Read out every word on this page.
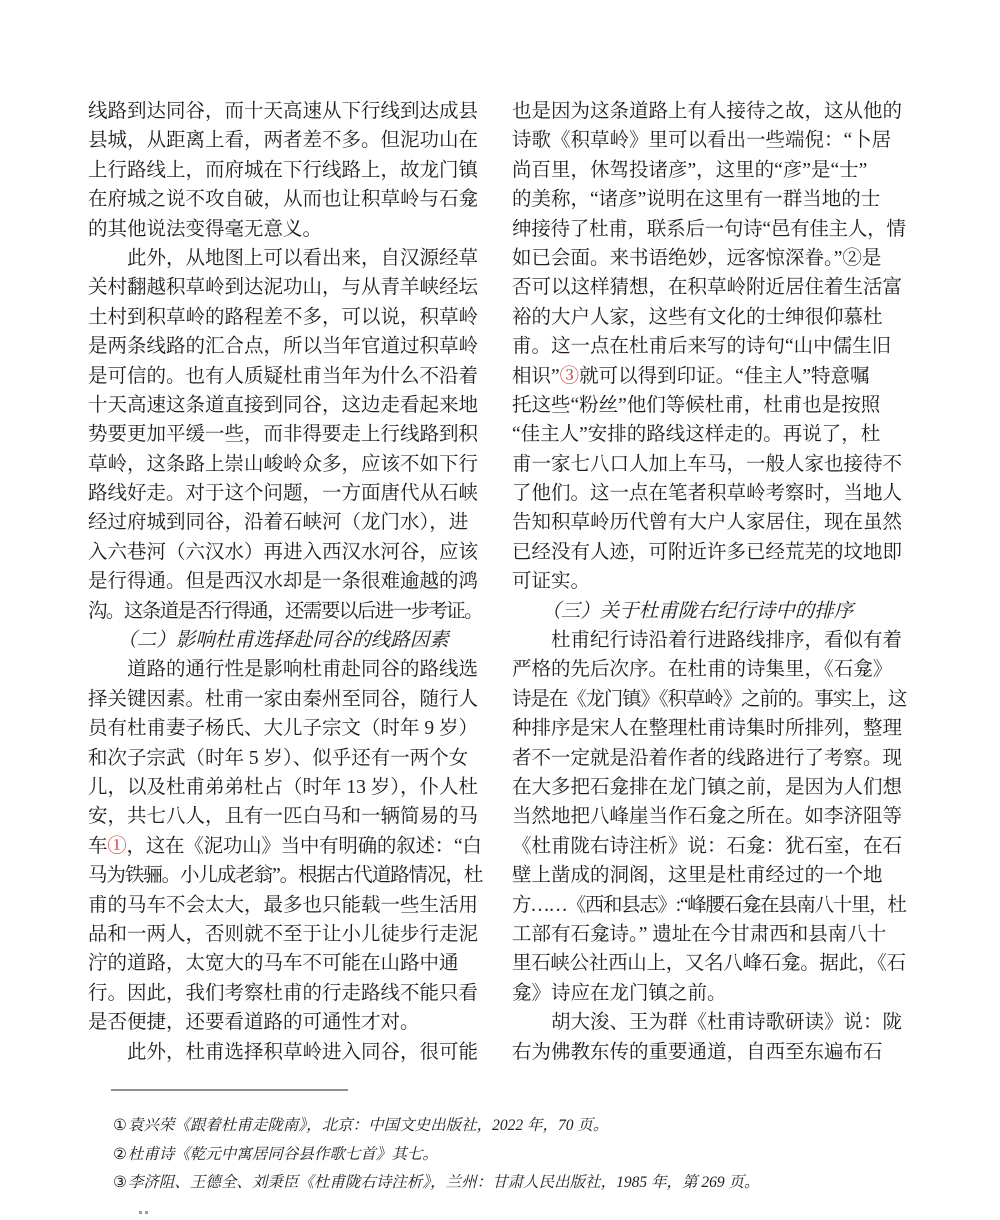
线路到达同谷，而十天高速从下行线到达成县
县城，从距离上看，两者差不多。但泥功山在
上行路线上，而府城在下行线路上，故龙门镇
在府城之说不攻自破，从而也让积草岭与石龛
的其他说法变得毫无意义。
　　此外，从地图上可以看出来，自汉源经草
关村翻越积草岭到达泥功山，与从青羊峡经坛
土村到积草岭的路程差不多，可以说，积草岭
是两条线路的汇合点，所以当年官道过积草岭
是可信的。也有人质疑杜甫当年为什么不沿着
十天高速这条道直接到同谷，这边走看起来地
势要更加平缓一些，而非得要走上行线路到积
草岭，这条路上崇山峻岭众多，应该不如下行
路线好走。对于这个问题，一方面唐代从石峡
经过府城到同谷，沿着石峡河（龙门水），进
入六巷河（六汉水）再进入西汉水河谷，应该
是行得通。但是西汉水却是一条很难逾越的鸿
沟。这条道是否行得通，还需要以后进一步考证。
　　（二）影响杜甫选择赴同谷的线路因素
　　道路的通行性是影响杜甫赴同谷的路线选
择关键因素。杜甫一家由秦州至同谷，随行人
员有杜甫妻子杨氏、大儿子宗文（时年 9 岁）
和次子宗武（时年 5 岁）、似乎还有一两个女
儿，以及杜甫弟弟杜占（时年 13 岁），仆人杜
安，共七八人，且有一匹白马和一辆简易的马
车①，这在《泥功山》当中有明确的叙述：“白
马为铁骊。小儿成老翁”。根据古代道路情况，杜
甫的马车不会太大，最多也只能载一些生活用
品和一两人，否则就不至于让小儿徒步行走泥
泞的道路，太宽大的马车不可能在山路中通
行。因此，我们考察杜甫的行走路线不能只看
是否便捷，还要看道路的可通性才对。
　　此外，杜甫选择积草岭进入同谷，很可能
也是因为这条道路上有人接待之故，这从他的
诗歌《积草岭》里可以看出一些端倪：“卜居
尚百里，休驾投诸彦”，这里的“彦”是“士”
的美称，“诸彦”说明在这里有一群当地的士
绅接待了杜甫，联系后一句诗“邑有佳主人，情
如已会面。来书语绝妙，远客惊深眷。”②是
否可以这样猜想，在积草岭附近居住着生活富
裕的大户人家，这些有文化的士绅很仰慕杜
甫。这一点在杜甫后来写的诗句“山中儒生旧
相识”③就可以得到印证。“佳主人”特意嘱
托这些“粉丝”他们等候杜甫，杜甫也是按照
“佳主人”安排的路线这样走的。再说了，杜
甫一家七八口人加上车马，一般人家也接待不
了他们。这一点在笔者积草岭考察时，当地人
告知积草岭历代曾有大户人家居住，现在虽然
已经没有人迹，可附近许多已经荒芜的坟地即
可证实。
　　（三）关于杜甫陇右纪行诗中的排序
　　杜甫纪行诗沿着行进路线排序，看似有着
严格的先后次序。在杜甫的诗集里，《石龛》
诗是在《龙门镇》《积草岭》之前的。事实上，这
种排序是宋人在整理杜甫诗集时所排列，整理
者不一定就是沿着作者的线路进行了考察。现
在大多把石龛排在龙门镇之前，是因为人们想
当然地把八峰崖当作石龛之所在。如李济阻等
《杜甫陇右诗注析》说：石龛：犹石室，在石
壁上凿成的洞阁，这里是杜甫经过的一个地
方……《西和县志》:“峰腰石龛在县南八十里，杜
工部有石龛诗。” 遗址在今甘肃西和县南八十
里石峡公社西山上，又名八峰石龛。据此，《石
龛》诗应在龙门镇之前。
　　胡大浚、王为群《杜甫诗歌研读》说：陇
右为佛教东传的重要通道，自西至东遍布石
①袁兴荣《跟着杜甫走陇南》，北京：中国文史出版社，2022 年，70 页。
②杜甫诗《乾元中寓居同谷县作歌七首》其七。
③李济阻、王德全、刘秉臣《杜甫陇右诗注析》，兰州：甘肃人民出版社，1985 年，第 269 页。
